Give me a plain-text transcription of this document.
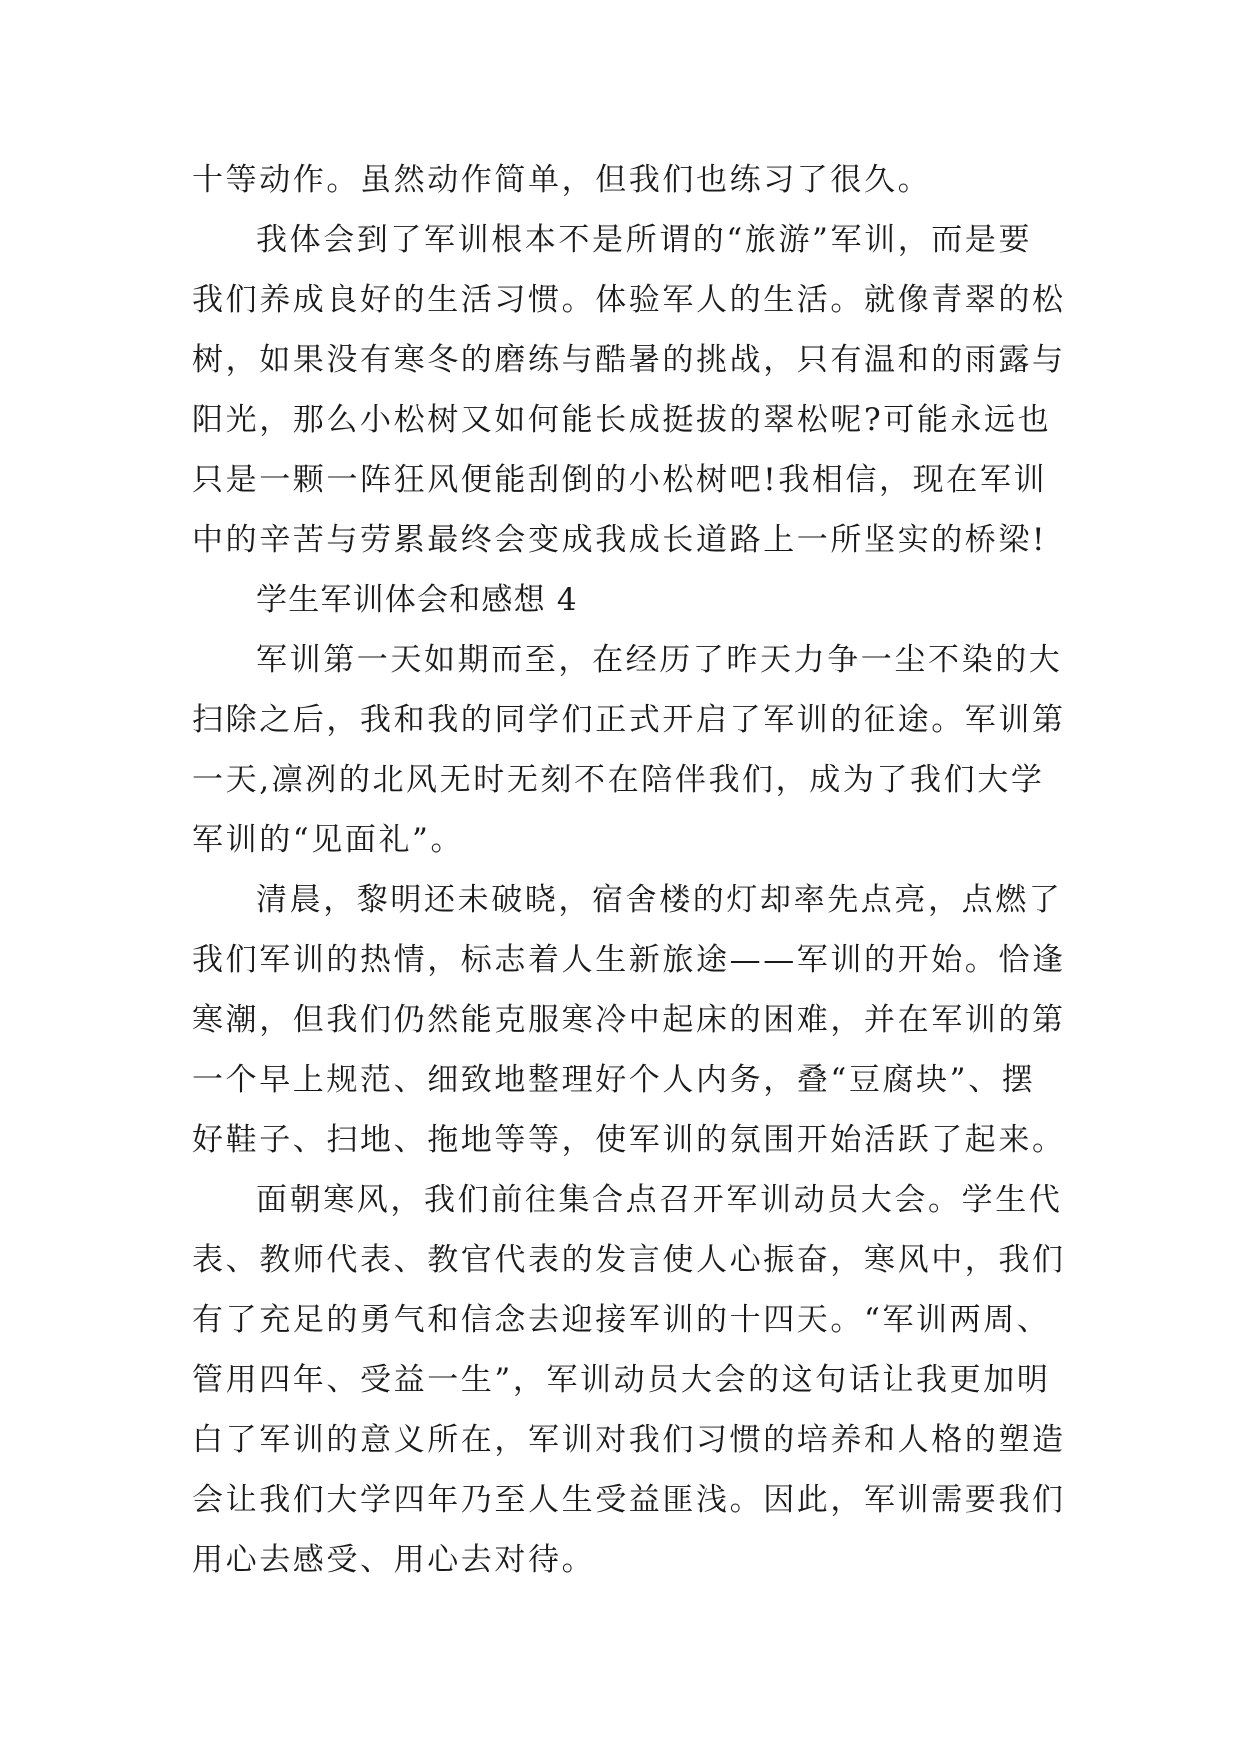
十等动作。虽然动作简单，但我们也练习了很久。
我体会到了军训根本不是所谓的“旅游”军训，而是要
我们养成良好的生活习惯。体验军人的生活。就像青翠的松
树，如果没有寒冬的磨练与酷暑的挑战，只有温和的雨露与
阳光，那么小松树又如何能长成挺拔的翠松呢?可能永远也
只是一颗一阵狂风便能刮倒的小松树吧!我相信，现在军训
中的辛苦与劳累最终会变成我成长道路上一所坚实的桥梁!
学生军训体会和感想 4
军训第一天如期而至，在经历了昨天力争一尘不染的大
扫除之后，我和我的同学们正式开启了军训的征途。军训第
一天,凛冽的北风无时无刻不在陪伴我们，成为了我们大学
军训的“见面礼”。
清晨，黎明还未破晓，宿舍楼的灯却率先点亮，点燃了
我们军训的热情，标志着人生新旅途——军训的开始。恰逢
寒潮，但我们仍然能克服寒冷中起床的困难，并在军训的第
一个早上规范、细致地整理好个人内务，叠“豆腐块”、摆
好鞋子、扫地、拖地等等，使军训的氛围开始活跃了起来。
面朝寒风，我们前往集合点召开军训动员大会。学生代
表、教师代表、教官代表的发言使人心振奋，寒风中，我们
有了充足的勇气和信念去迎接军训的十四天。“军训两周、
管用四年、受益一生”，军训动员大会的这句话让我更加明
白了军训的意义所在，军训对我们习惯的培养和人格的塑造
会让我们大学四年乃至人生受益匪浅。因此，军训需要我们
用心去感受、用心去对待。
